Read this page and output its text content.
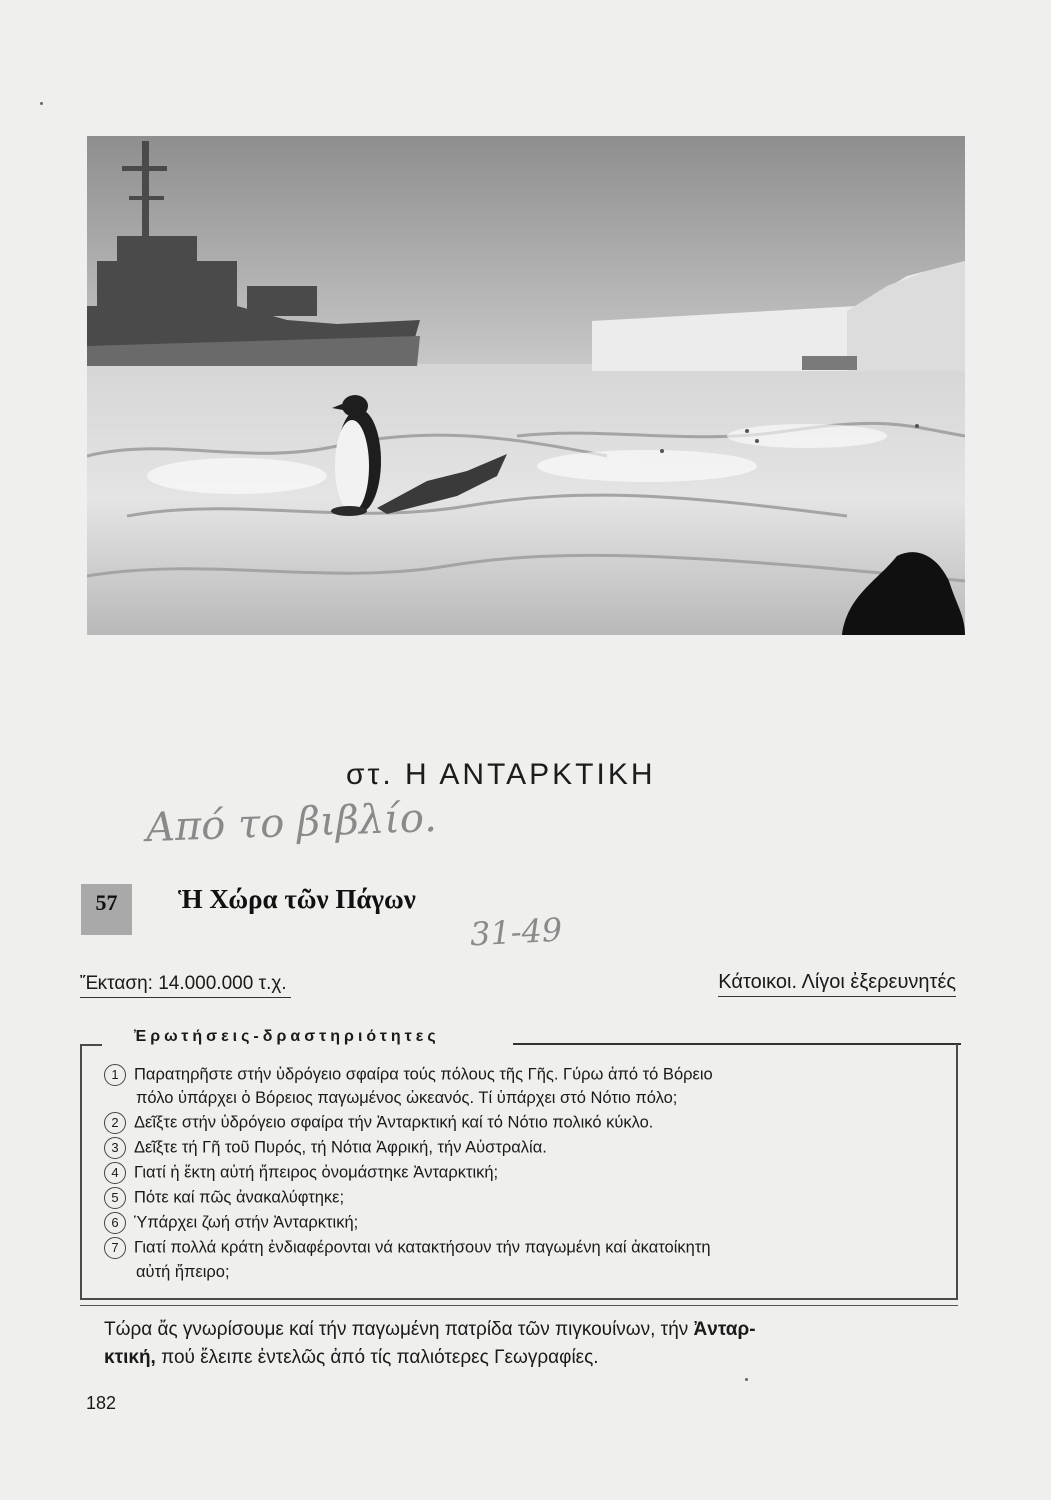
στ. Η ΑΝΤΑΡΚΤΙΚΗ
Από το βιβλίο.
57	Ἡ Χώρα τῶν Πάγων
31-49
Ἔκταση: 14.000.000 τ.χ.	Κάτοικοι. Λίγοι ἐξερευνητές
Ἐρωτήσεις-δραστηριότητες
1 Παρατηρῆστε στήν ὑδρόγειο σφαίρα τούς πόλους τῆς Γῆς. Γύρω ἀπό τό Βόρειο
πόλο ὑπάρχει ὁ Βόρειος παγωμένος ὠκεανός. Τί ὑπάρχει στό Νότιο πόλο;
2 Δεῖξτε στήν ὑδρόγειο σφαίρα τήν Ἀνταρκτική καί τό Νότιο πολικό κύκλο.
3 Δεῖξτε τή Γῆ τοῦ Πυρός, τή Νότια Ἀφρική, τήν Αὐστραλία.
4 Γιατί ἡ ἕκτη αὐτή ἤπειρος ὀνομάστηκε Ἀνταρκτική;
5 Πότε καί πῶς ἀνακαλύφτηκε;
6 Ὑπάρχει ζωή στήν Ἀνταρκτική;
7 Γιατί πολλά κράτη ἐνδιαφέρονται νά κατακτήσουν τήν παγωμένη καί ἀκατοίκητη
αὐτή ἤπειρο;
Τώρα ἄς γνωρίσουμε καί τήν παγωμένη πατρίδα τῶν πιγκουίνων, τήν Ἀνταρ-
κτική, πού ἔλειπε ἐντελῶς ἀπό τίς παλιότερες Γεωγραφίες.
182
